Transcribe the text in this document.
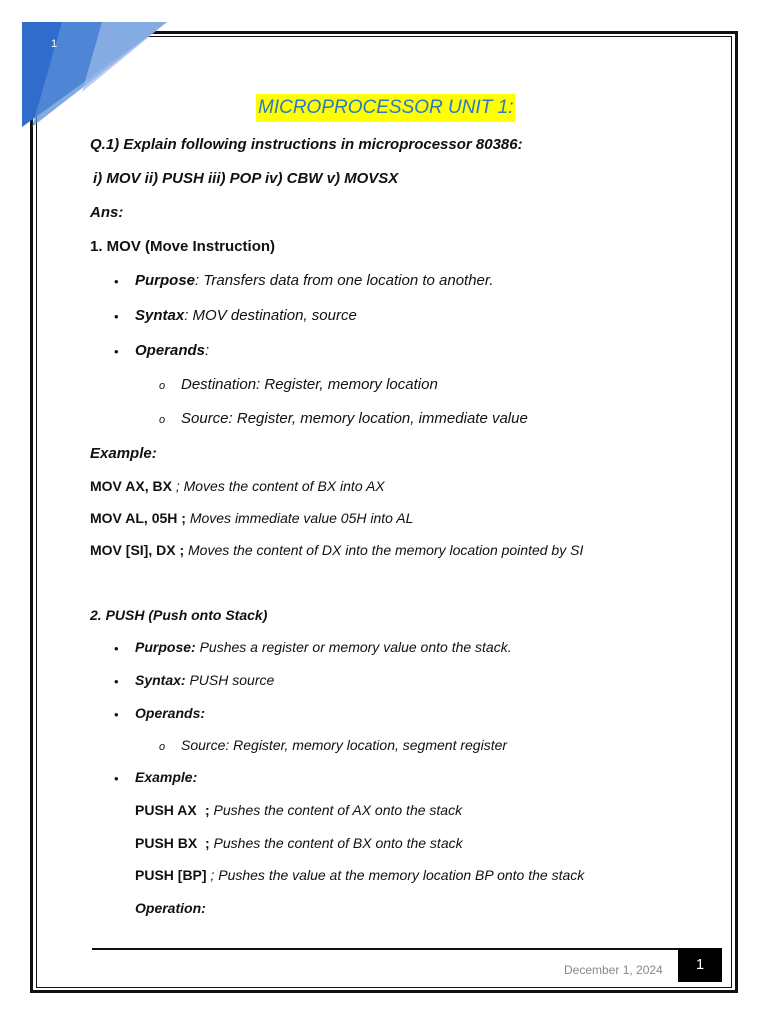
1
MICROPROCESSOR UNIT 1:
Q.1) Explain following instructions in microprocessor 80386:
i) MOV ii) PUSH iii) POP iv) CBW v) MOVSX
Ans:
1. MOV (Move Instruction)
• Purpose: Transfers data from one location to another.
• Syntax: MOV destination, source
• Operands:
o Destination: Register, memory location
o Source: Register, memory location, immediate value
Example:
MOV AX, BX ; Moves the content of BX into AX
MOV AL, 05H ; Moves immediate value 05H into AL
MOV [SI], DX ; Moves the content of DX into the memory location pointed by SI
2. PUSH (Push onto Stack)
• Purpose: Pushes a register or memory value onto the stack.
• Syntax: PUSH source
• Operands:
o Source: Register, memory location, segment register
• Example:
PUSH AX ; Pushes the content of AX onto the stack
PUSH BX ; Pushes the content of BX onto the stack
PUSH [BP] ; Pushes the value at the memory location BP onto the stack
Operation:
December 1, 2024	1
